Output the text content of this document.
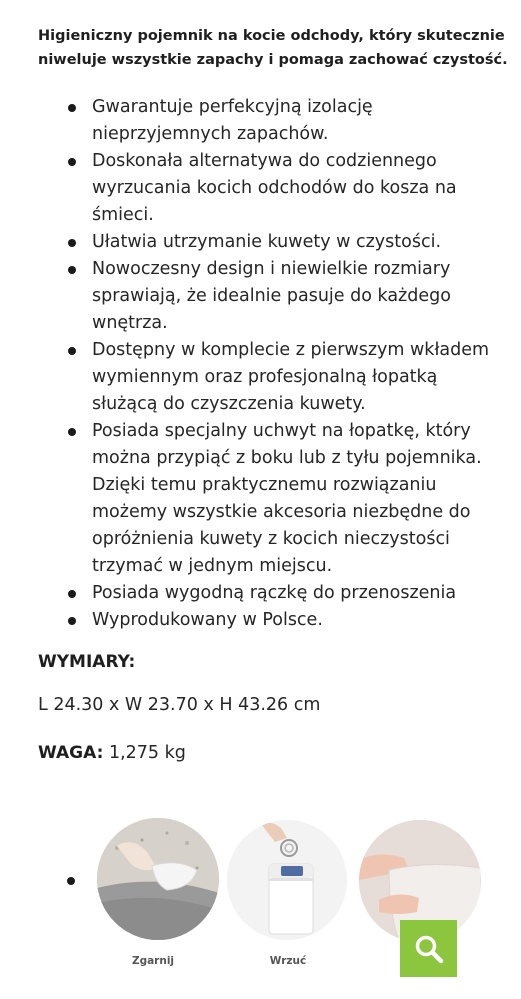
Higieniczny pojemnik na kocie odchody, który skutecznie niweluje wszystkie zapachy i pomaga zachować czystość.
Gwarantuje perfekcyjną izolację nieprzyjemnych zapachów.
Doskonała alternatywa do codziennego wyrzucania kocich odchodów do kosza na śmieci.
Ułatwia utrzymanie kuwety w czystości.
Nowoczesny design i niewielkie rozmiary sprawiają, że idealnie pasuje do każdego wnętrza.
Dostępny w komplecie z pierwszym wkładem wymiennym oraz profesjonalną łopatką służącą do czyszczenia kuwety.
Posiada specjalny uchwyt na łopatkę, który można przypiąć z boku lub z tyłu pojemnika. Dzięki temu praktycznemu rozwiązaniu możemy wszystkie akcesoria niezbędne do opróżnienia kuwety z kocich nieczystości trzymać w jednym miejscu.
Posiada wygodną rączkę do przenoszenia
Wyprodukowany w Polsce.
WYMIARY:
L 24.30 x W 23.70 x H 43.26 cm
WAGA: 1,275 kg
Zgarnij	Wrzuć
